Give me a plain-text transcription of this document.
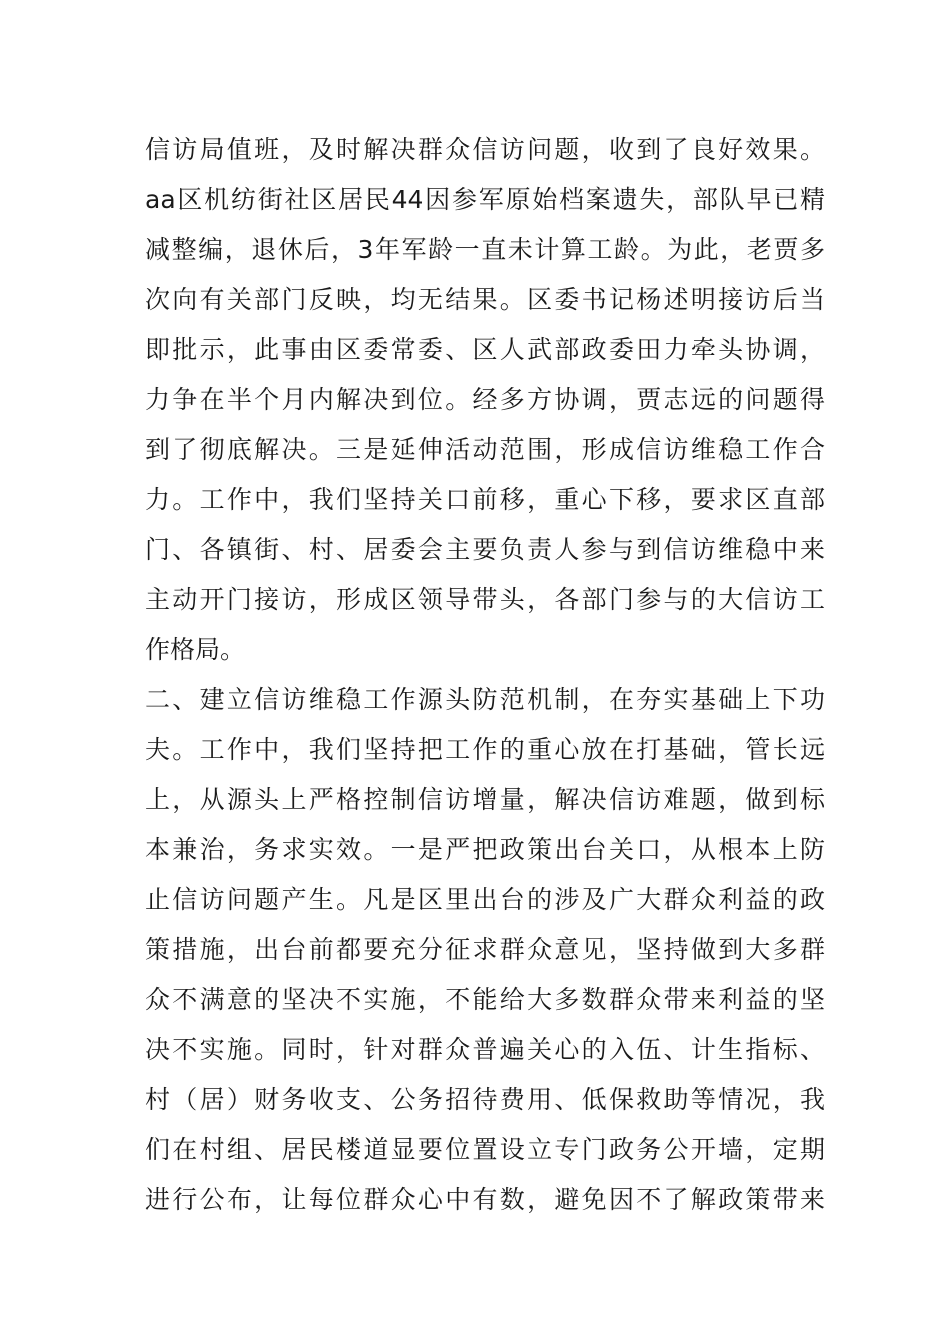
信访局值班，及时解决群众信访问题，收到了良好效果。
aa区机纺街社区居民44因参军原始档案遗失，部队早已精
减整编，退休后，3年军龄一直未计算工龄。为此，老贾多
次向有关部门反映，均无结果。区委书记杨述明接访后当
即批示，此事由区委常委、区人武部政委田力牵头协调，
力争在半个月内解决到位。经多方协调，贾志远的问题得
到了彻底解决。三是延伸活动范围，形成信访维稳工作合
力。工作中，我们坚持关口前移，重心下移，要求区直部
门、各镇街、村、居委会主要负责人参与到信访维稳中来
主动开门接访，形成区领导带头，各部门参与的大信访工
作格局。
二、建立信访维稳工作源头防范机制，在夯实基础上下功
夫。工作中，我们坚持把工作的重心放在打基础，管长远
上，从源头上严格控制信访增量，解决信访难题，做到标
本兼治，务求实效。一是严把政策出台关口，从根本上防
止信访问题产生。凡是区里出台的涉及广大群众利益的政
策措施，出台前都要充分征求群众意见，坚持做到大多群
众不满意的坚决不实施，不能给大多数群众带来利益的坚
决不实施。同时，针对群众普遍关心的入伍、计生指标、
村（居）财务收支、公务招待费用、低保救助等情况，我
们在村组、居民楼道显要位置设立专门政务公开墙，定期
进行公布，让每位群众心中有数，避免因不了解政策带来
